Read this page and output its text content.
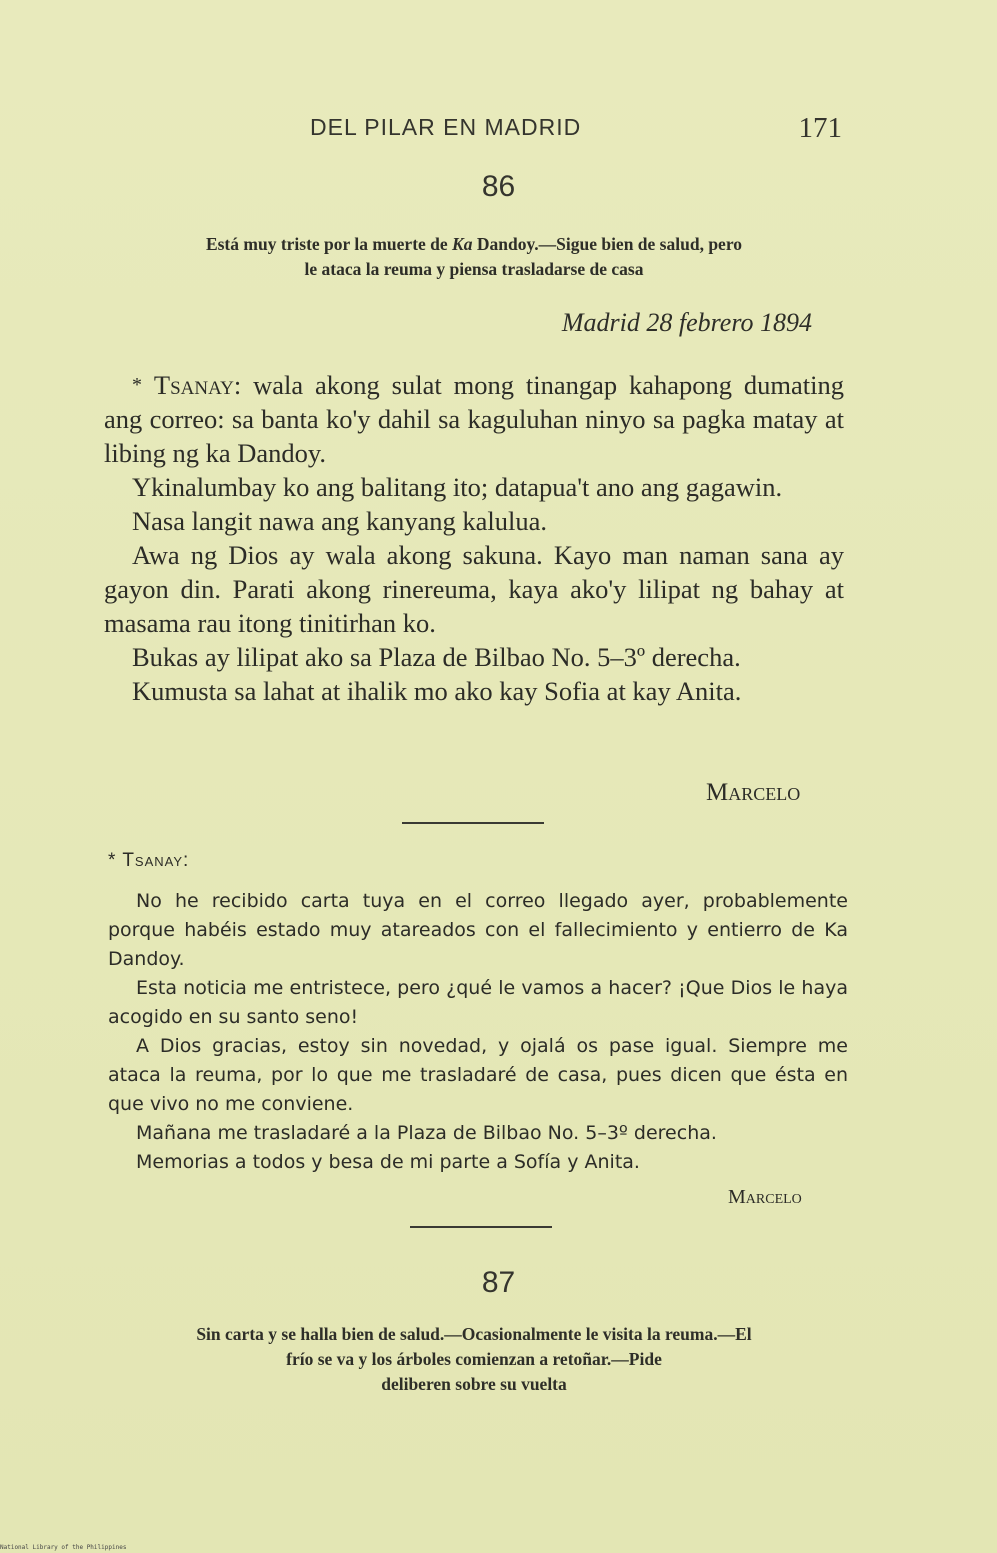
DEL PILAR EN MADRID	171
86
Está muy triste por la muerte de Ka Dandoy.—Sigue bien de salud, pero
le ataca la reuma y piensa trasladarse de casa
Madrid 28 febrero 1894

* Tsanay: wala akong sulat mong tinangap kahapong dumating ang correo: sa banta ko'y dahil sa kaguluhan ninyo sa pagka matay at libing ng ka Dandoy.

Ykinalumbay ko ang balitang ito; datapua't ano ang gagawin.

Nasa langit nawa ang kanyang kalulua.

Awa ng Dios ay wala akong sakuna. Kayo man naman sana ay gayon din. Parati akong rinereuma, kaya ako'y lilipat ng bahay at masama rau itong tinitirhan ko.

Bukas ay lilipat ako sa Plaza de Bilbao No. 5–3º derecha.

Kumusta sa lahat at ihalik mo ako kay Sofia at kay Anita.

Marcelo
* Tsanay:

No he recibido carta tuya en el correo llegado ayer, probablemente porque habéis estado muy atareados con el fallecimiento y entierro de Ka Dandoy.

Esta noticia me entristece, pero ¿qué le vamos a hacer? ¡Que Dios le haya acogido en su santo seno!

A Dios gracias, estoy sin novedad, y ojalá os pase igual. Siempre me ataca la reuma, por lo que me trasladaré de casa, pues dicen que ésta en que vivo no me conviene.

Mañana me trasladaré a la Plaza de Bilbao No. 5–3º derecha.

Memorias a todos y besa de mi parte a Sofía y Anita.

Marcelo
87
Sin carta y se halla bien de salud.—Ocasionalmente le visita la reuma.—El
frío se va y los árboles comienzan a retoñar.—Pide
deliberen sobre su vuelta
National Library of the Philippines
